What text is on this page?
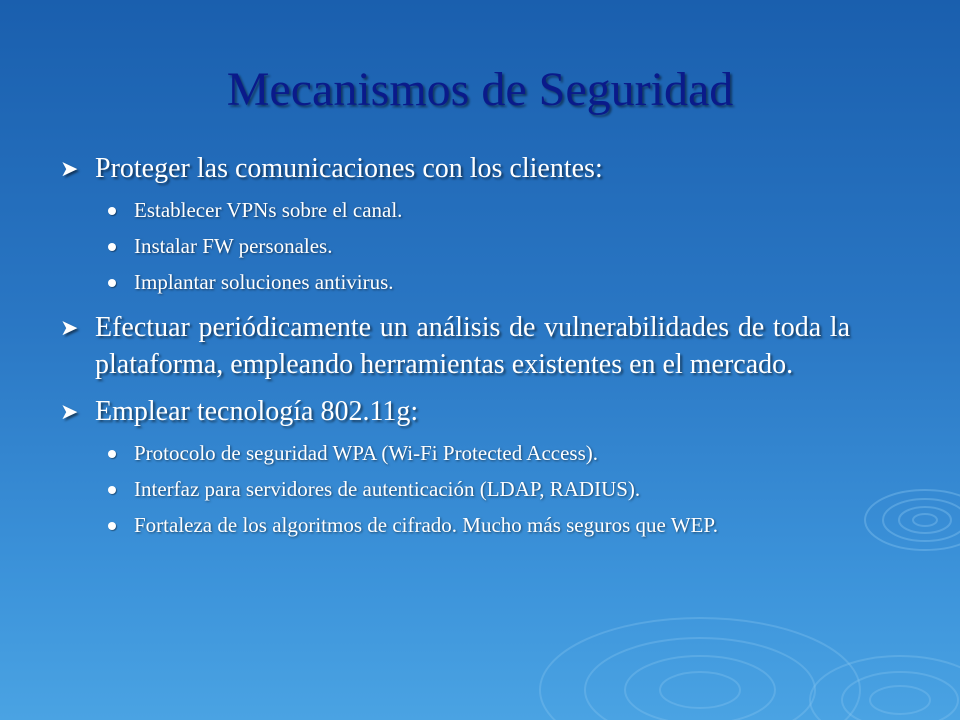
Mecanismos de Seguridad
➤ Proteger las comunicaciones con los clientes:
Establecer VPNs sobre el canal.
Instalar FW personales.
Implantar soluciones antivirus.
➤ Efectuar periódicamente un análisis de vulnerabilidades de toda la plataforma, empleando herramientas existentes en el mercado.
➤ Emplear tecnología 802.11g:
Protocolo de seguridad WPA (Wi-Fi Protected Access).
Interfaz para servidores de autenticación (LDAP, RADIUS).
Fortaleza de los algoritmos de cifrado. Mucho más seguros que WEP.
